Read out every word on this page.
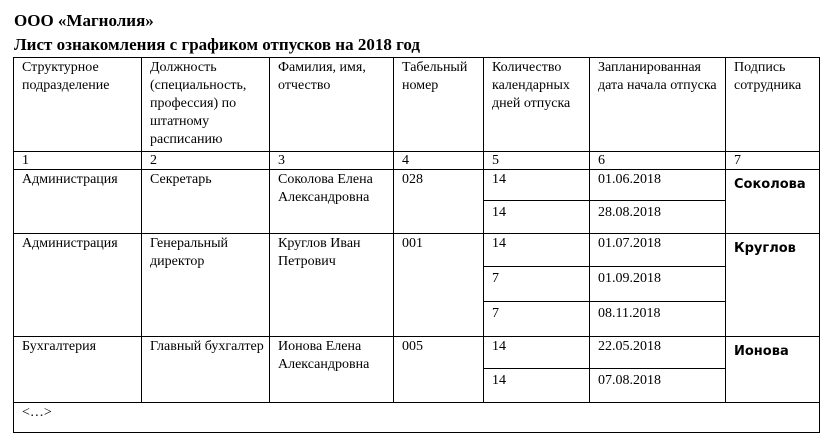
ООО «Магнолия»
Лист ознакомления с графиком отпусков на 2018 год
Структурное подразделение	Должность (специальность, профессия) по штатному расписанию	Фамилия, имя, отчество	Табельный номер	Количество календарных дней отпуска	Запланированная дата начала отпуска	Подпись сотрудника
1	2	3	4	5	6	7
Администрация	Секретарь	Соколова Елена Александровна	028	14	01.06.2018	Соколова
				14	28.08.2018	
Администрация	Генеральный директор	Круглов Иван Петрович	001	14	01.07.2018	Круглов
				7	01.09.2018	
				7	08.11.2018	
Бухгалтерия	Главный бухгалтер	Ионова Елена Александровна	005	14	22.05.2018	Ионова
				14	07.08.2018	
<…>						
